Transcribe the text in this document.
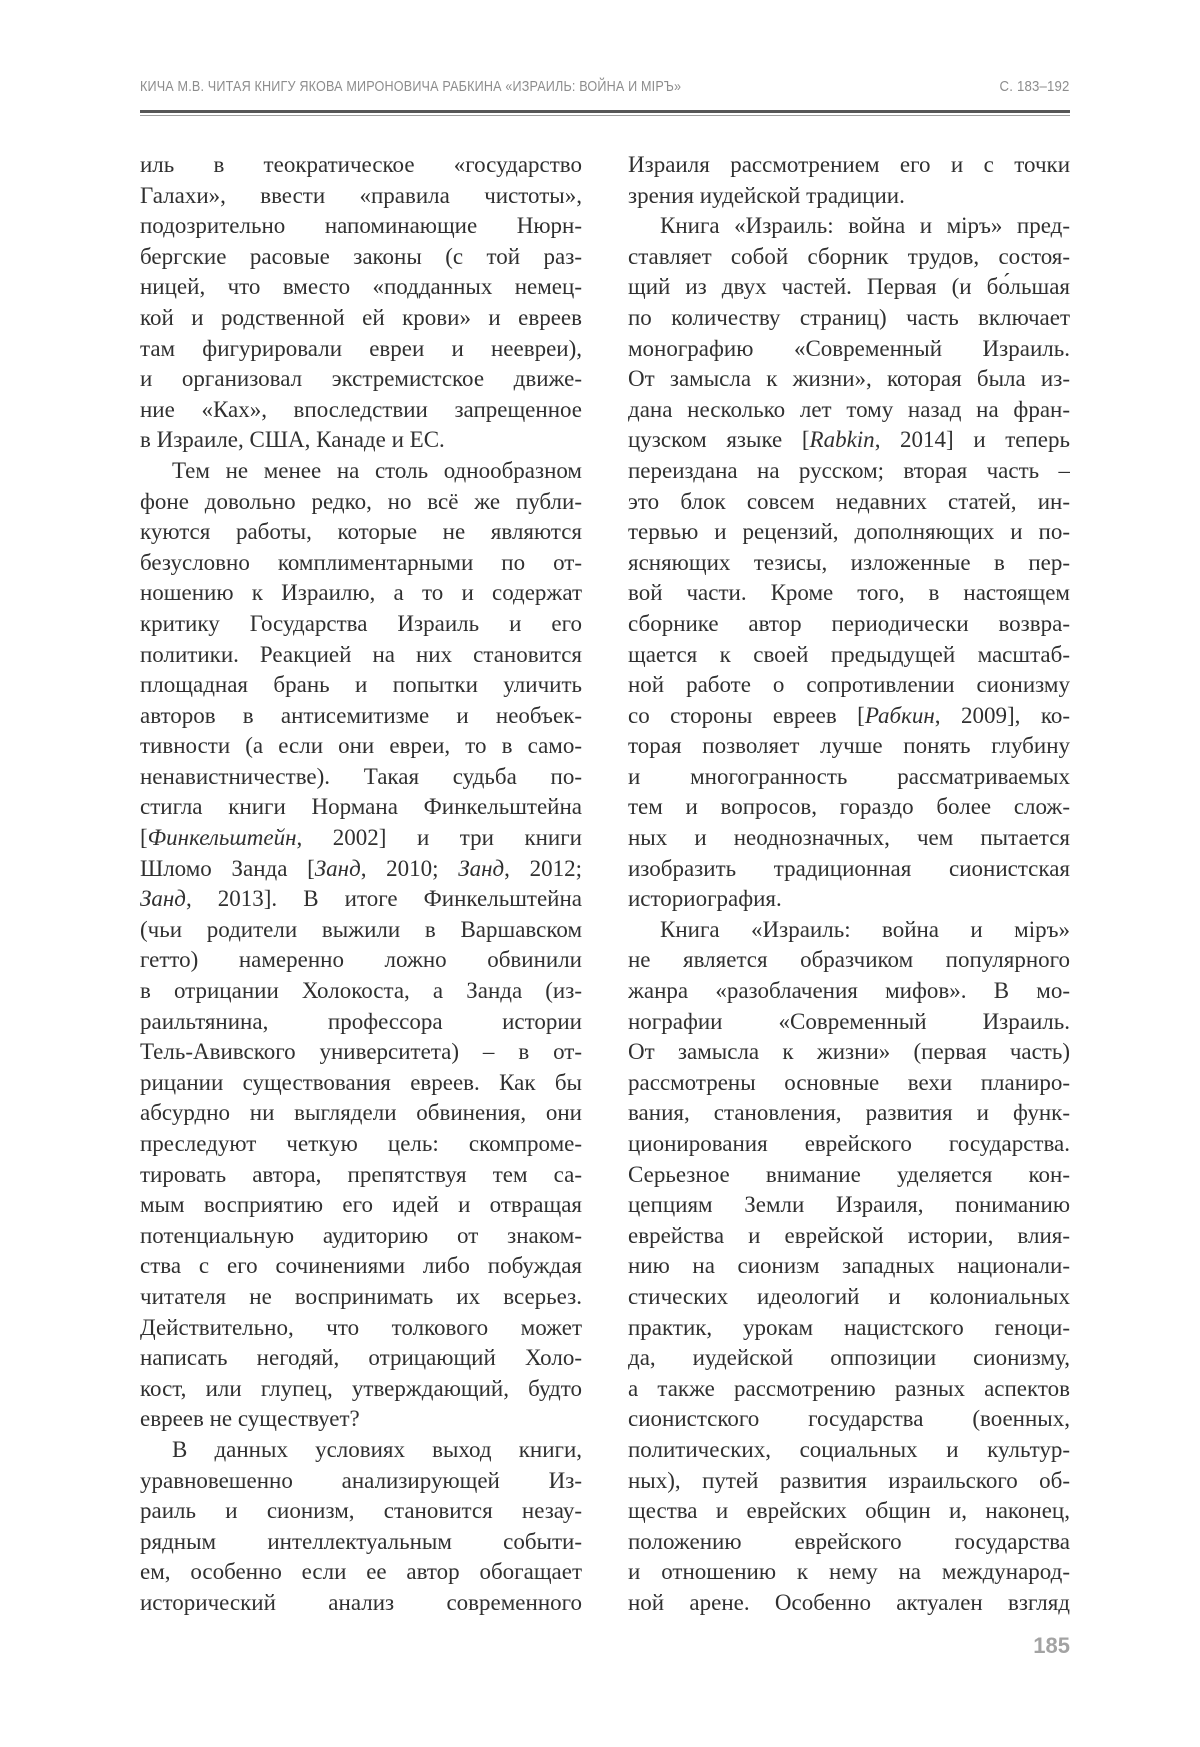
КИЧА М.В. ЧИТАЯ КНИГУ ЯКОВА МИРОНОВИЧА РАБКИНА «ИЗРАИЛЬ: ВОЙНА И МІРЪ»	С. 183–192
иль в теократическое «государство
Галахи», ввести «правила чистоты»,
подозрительно напоминающие Нюрн-
бергские расовые законы (с той раз-
ницей, что вместо «подданных немец-
кой и родственной ей крови» и евреев
там фигурировали евреи и неевреи),
и организовал экстремистское движе-
ние «Ках», впоследствии запрещенное
в Израиле, США, Канаде и ЕС.
Тем не менее на столь однообразном
фоне довольно редко, но всё же публи-
куются работы, которые не являются
безусловно комплиментарными по от-
ношению к Израилю, а то и содержат
критику Государства Израиль и его
политики. Реакцией на них становится
площадная брань и попытки уличить
авторов в антисемитизме и необъек-
тивности (а если они евреи, то в само-
ненавистничестве). Такая судьба по-
стигла книги Нормана Финкельштейна
[Финкельштейн, 2002] и три книги
Шломо Занда [Занд, 2010; Занд, 2012;
Занд, 2013]. В итоге Финкельштейна
(чьи родители выжили в Варшавском
гетто) намеренно ложно обвинили
в отрицании Холокоста, а Занда (из-
раильтянина, профессора истории
Тель-Авивского университета) – в от-
рицании существования евреев. Как бы
абсурдно ни выглядели обвинения, они
преследуют четкую цель: скомпроме-
тировать автора, препятствуя тем са-
мым восприятию его идей и отвращая
потенциальную аудиторию от знаком-
ства с его сочинениями либо побуждая
читателя не воспринимать их всерьез.
Действительно, что толкового может
написать негодяй, отрицающий Холо-
кост, или глупец, утверждающий, будто
евреев не существует?
В данных условиях выход книги,
уравновешенно анализирующей Из-
раиль и сионизм, становится незау-
рядным интеллектуальным событи-
ем, особенно если ее автор обогащает
исторический анализ современного
Израиля рассмотрением его и с точки
зрения иудейской традиции.
Книга «Израиль: война и міръ» пред-
ставляет собой сборник трудов, состоя-
щий из двух частей. Первая (и бо́льшая
по количеству страниц) часть включает
монографию «Современный Израиль.
От замысла к жизни», которая была из-
дана несколько лет тому назад на фран-
цузском языке [Rabkin, 2014] и теперь
переиздана на русском; вторая часть –
это блок совсем недавних статей, ин-
тервью и рецензий, дополняющих и по-
ясняющих тезисы, изложенные в пер-
вой части. Кроме того, в настоящем
сборнике автор периодически возвра-
щается к своей предыдущей масштаб-
ной работе о сопротивлении сионизму
со стороны евреев [Рабкин, 2009], ко-
торая позволяет лучше понять глубину
и многогранность рассматриваемых
тем и вопросов, гораздо более слож-
ных и неоднозначных, чем пытается
изобразить традиционная сионистская
историография.
Книга «Израиль: война и міръ»
не является образчиком популярного
жанра «разоблачения мифов». В мо-
нографии «Современный Израиль.
От замысла к жизни» (первая часть)
рассмотрены основные вехи планиро-
вания, становления, развития и функ-
ционирования еврейского государства.
Серьезное внимание уделяется кон-
цепциям Земли Израиля, пониманию
еврейства и еврейской истории, влия-
нию на сионизм западных национали-
стических идеологий и колониальных
практик, урокам нацистского геноци-
да, иудейской оппозиции сионизму,
а также рассмотрению разных аспектов
сионистского государства (военных,
политических, социальных и культур-
ных), путей развития израильского об-
щества и еврейских общин и, наконец,
положению еврейского государства
и отношению к нему на международ-
ной арене. Особенно актуален взгляд
185
